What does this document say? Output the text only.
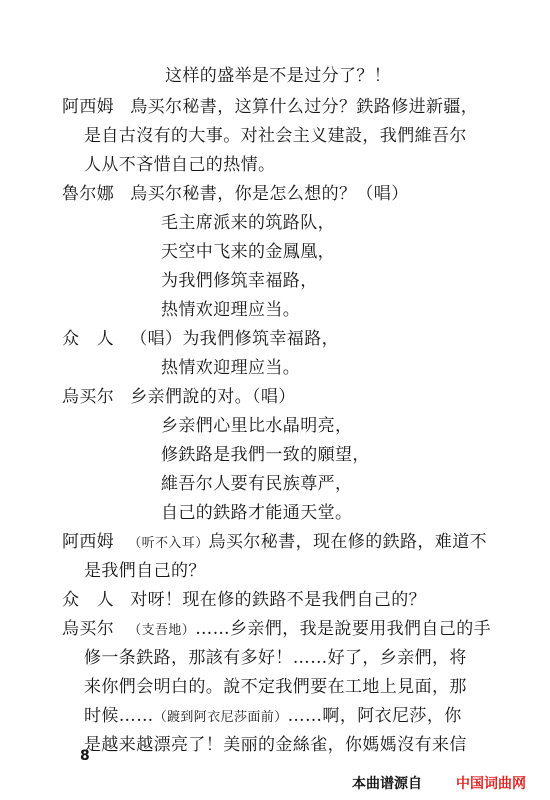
这样的盛举是不是过分了？！
阿西姆 鳥买尔秘書，这算什么过分？鉄路修进新疆，
是自古沒有的大事。对社会主义建設，我們維吾尔
人从不吝惜自己的热情。
魯尔娜 烏买尔秘書，你是怎么想的？（唱）
毛主席派来的筑路队，
天空中飞来的金鳳凰，
为我們修筑幸福路，
热情欢迎理应当。
众　人 （唱）为我們修筑幸福路，
热情欢迎理应当。
烏买尔 乡亲們說的对。（唱）
乡亲們心里比水晶明亮，
修鉄路是我們一致的願望，
維吾尔人要有民族尊严，
自己的鉄路才能通天堂。
阿西姆 （听不入耳）烏买尔秘書，现在修的鉄路，难道不
是我們自己的？
众　人 对呀！现在修的鉄路不是我們自己的？
烏买尔 （支吾地）……乡亲們，我是說要用我們自己的手
修一条鉄路，那該有多好！……好了，乡亲們，将
来你們会明白的。說不定我們要在工地上見面，那
时候……（踱到阿衣尼莎面前）……啊，阿衣尼莎，你
是越来越漂亮了！美丽的金絲雀，你媽媽沒有来信
8
本曲谱源自 中国词曲网
